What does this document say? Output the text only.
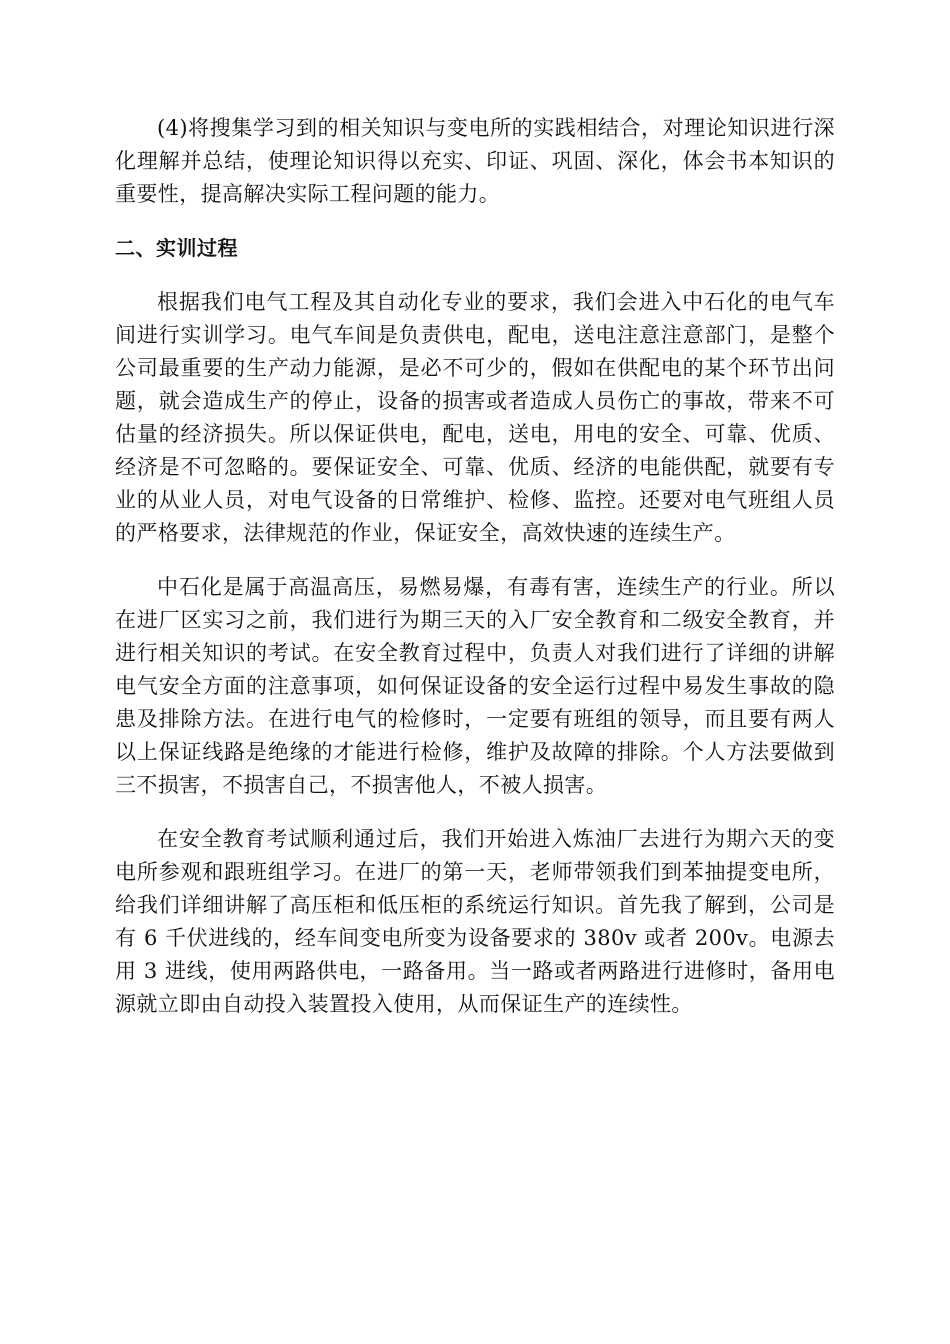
(4)将搜集学习到的相关知识与变电所的实践相结合，对理论知识进行深化理解并总结，使理论知识得以充实、印证、巩固、深化，体会书本知识的重要性，提高解决实际工程问题的能力。

二、实训过程

根据我们电气工程及其自动化专业的要求，我们会进入中石化的电气车间进行实训学习。电气车间是负责供电，配电，送电注意注意部门，是整个公司最重要的生产动力能源，是必不可少的，假如在供配电的某个环节出问题，就会造成生产的停止，设备的损害或者造成人员伤亡的事故，带来不可估量的经济损失。所以保证供电，配电，送电，用电的安全、可靠、优质、经济是不可忽略的。要保证安全、可靠、优质、经济的电能供配，就要有专业的从业人员，对电气设备的日常维护、检修、监控。还要对电气班组人员的严格要求，法律规范的作业，保证安全，高效快速的连续生产。

中石化是属于高温高压，易燃易爆，有毒有害，连续生产的行业。所以在进厂区实习之前，我们进行为期三天的入厂安全教育和二级安全教育，并进行相关知识的考试。在安全教育过程中，负责人对我们进行了详细的讲解电气安全方面的注意事项，如何保证设备的安全运行过程中易发生事故的隐患及排除方法。在进行电气的检修时，一定要有班组的领导，而且要有两人以上保证线路是绝缘的才能进行检修，维护及故障的排除。个人方法要做到三不损害，不损害自己，不损害他人，不被人损害。

在安全教育考试顺利通过后，我们开始进入炼油厂去进行为期六天的变电所参观和跟班组学习。在进厂的第一天，老师带领我们到苯抽提变电所，给我们详细讲解了高压柜和低压柜的系统运行知识。首先我了解到，公司是有 6 千伏进线的，经车间变电所变为设备要求的 380v 或者 200v。电源去用 3 进线，使用两路供电，一路备用。当一路或者两路进行进修时，备用电源就立即由自动投入装置投入使用，从而保证生产的连续性。
